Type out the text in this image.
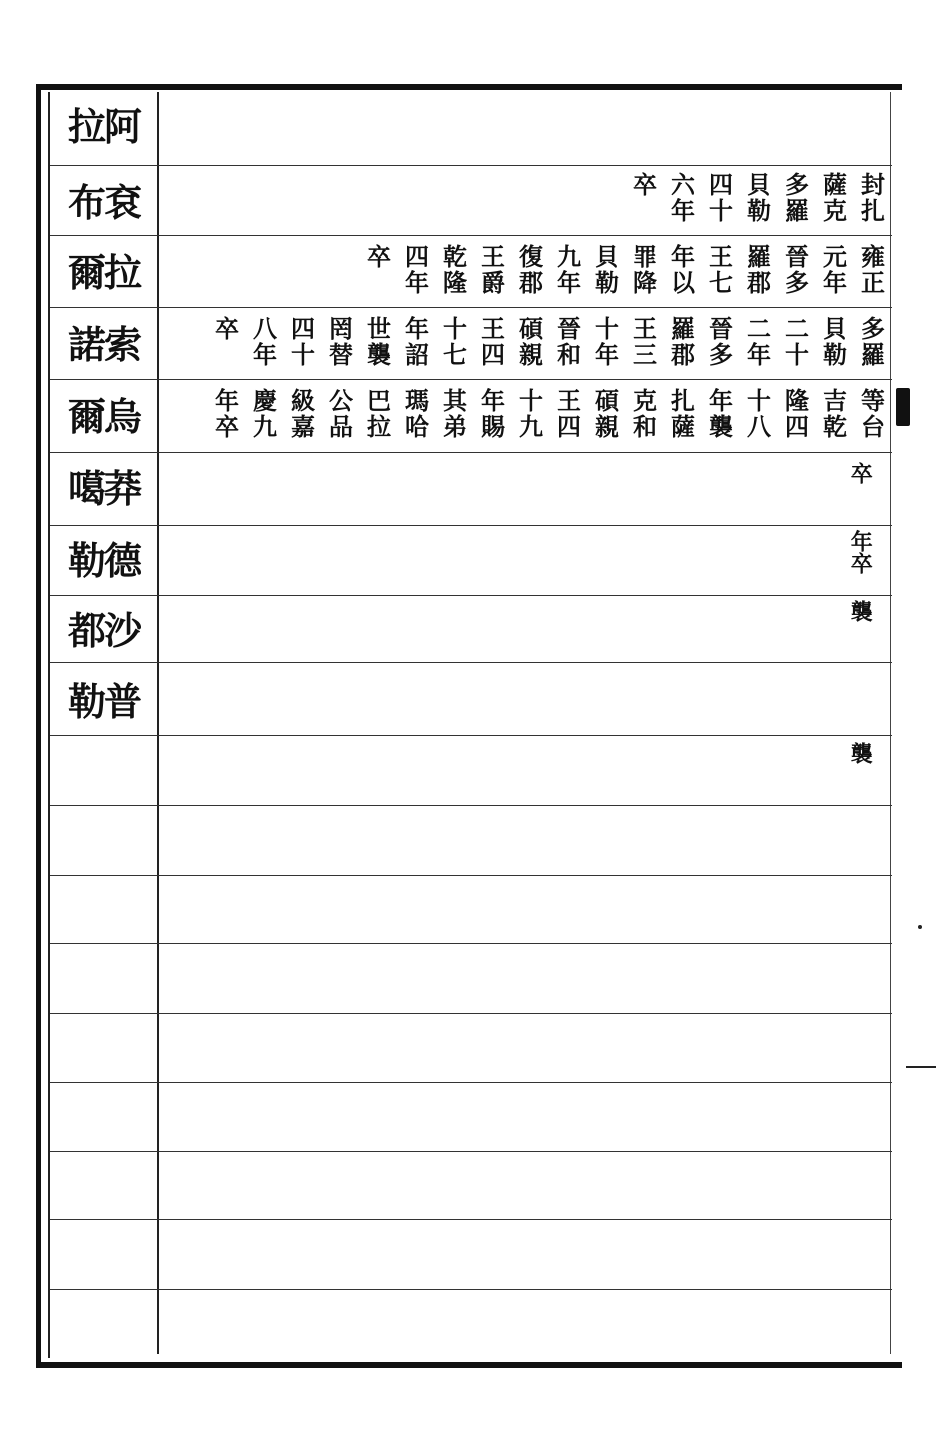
拉阿
布袞
爾拉
諾索
爾烏
噶莽
勒德
都沙
勒普
封
扎
薩
克
多
羅
貝
勒
四
十
六
年
卒
雍
正
元
年
晉
多
羅
郡
王
七
年
以
罪
降
貝
勒
九
年
復
郡
王
爵
乾
隆
四
年
卒
多
羅
貝
勒
二
十
二
年
晉
多
羅
郡
王
三
十
年
晉
和
碩
親
王
四
十
七
年
詔
世
襲
罔
替
四
十
八
年
卒
等
台
吉
乾
隆
四
十
八
年
襲
扎
薩
克
和
碩
親
王
四
十
九
年
賜
其
弟
瑪
哈
巴
拉
公
品
級
嘉
慶
九
年
卒
卒
年卒
襲
襲
